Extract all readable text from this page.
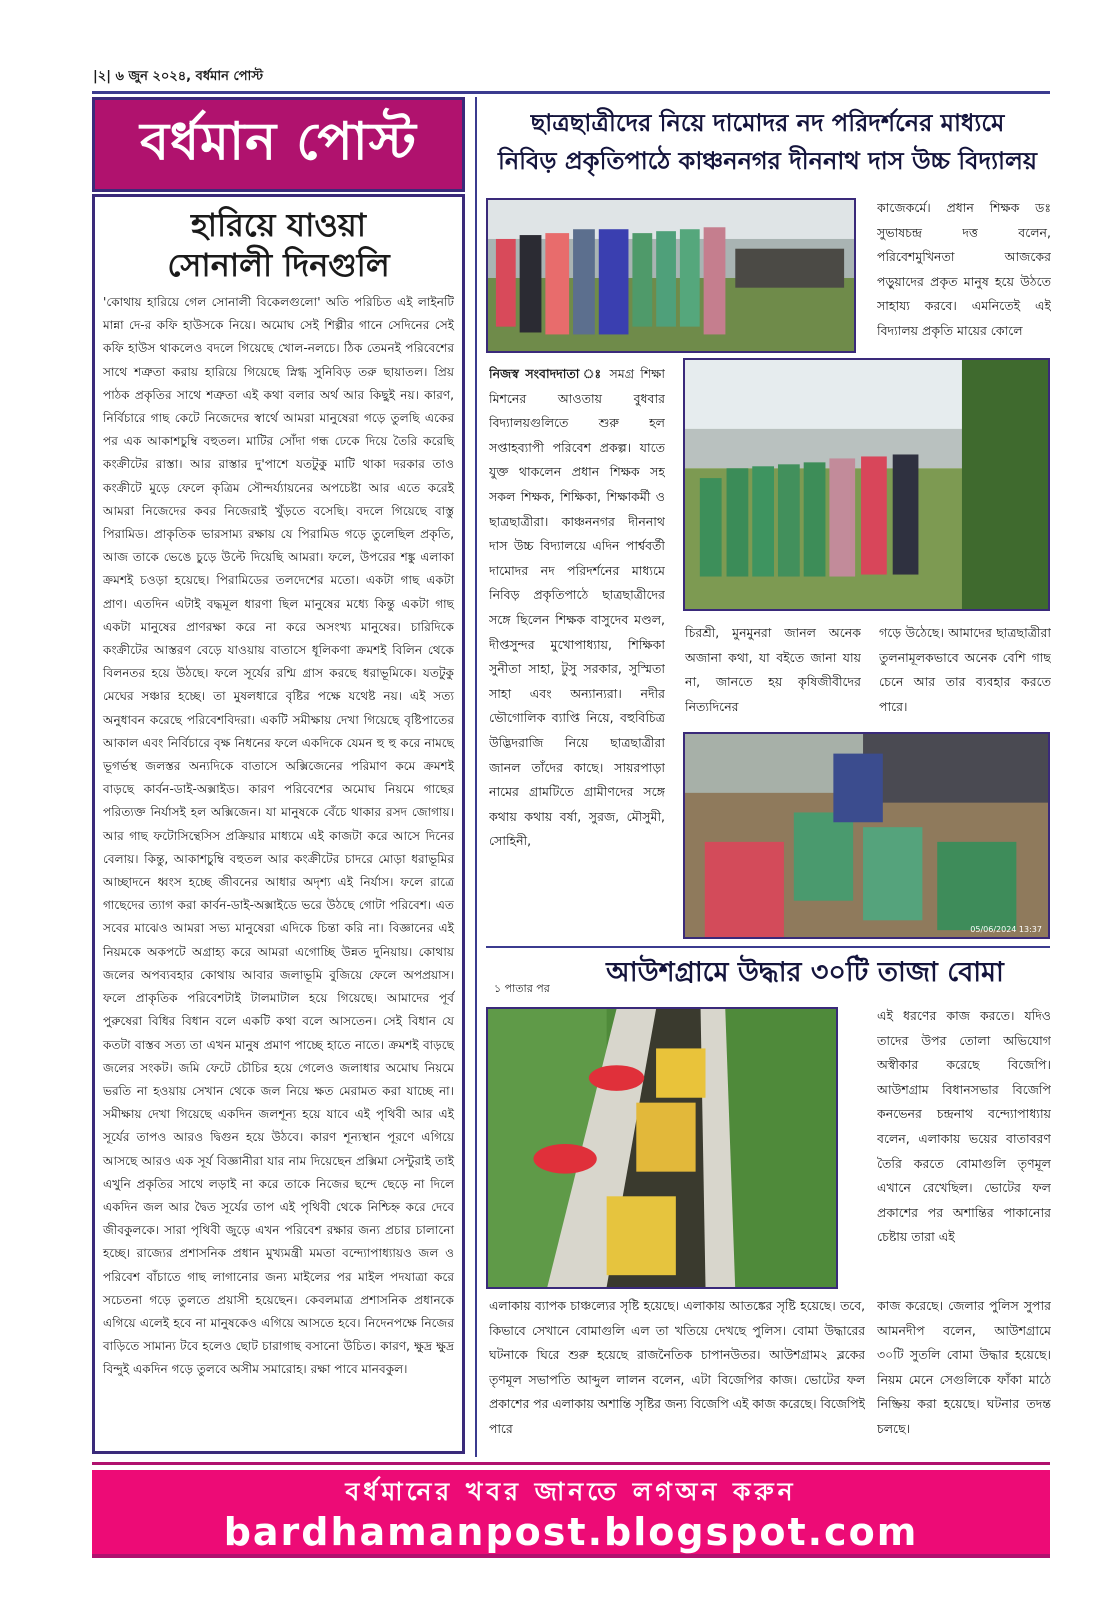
|২| ৬ জুন ২০২৪, বর্ধমান পোস্ট
বর্ধমান পোস্ট
হারিয়ে যাওয়া
সোনালী দিনগুলি
'কোথায় হারিয়ে গেল সোনালী বিকেলগুলো' অতি পরিচিত এই লাইনটি মান্না দে-র কফি হাউসকে নিয়ে। অমোঘ সেই শিল্পীর গানে সেদিনের সেই কফি হাউস থাকলেও বদলে গিয়েছে খোল-নলচে। ঠিক তেমনই পরিবেশের সাথে শত্রুতা করায় হারিয়ে গিয়েছে স্নিগ্ধ সুনিবিড় তরু ছায়াতল। প্রিয় পাঠক প্রকৃতির সাথে শত্রুতা এই কথা বলার অর্থ আর কিছুই নয়। কারণ, নির্বিচারে গাছ কেটে নিজেদের স্বার্থে আমরা মানুষেরা গড়ে তুলছি একের পর এক আকাশচুম্বি বহুতল। মাটির সোঁদা গন্ধ ঢেকে দিয়ে তৈরি করেছি কংক্রীটের রাস্তা। আর রাস্তার দু'পাশে যতটুকু মাটি থাকা দরকার তাও কংক্রীটে মুড়ে ফেলে কৃত্রিম সৌন্দর্য্যায়নের অপচেষ্টা আর এতে করেই আমরা নিজেদের কবর নিজেরাই খুঁড়তে বসেছি। বদলে গিয়েছে বাস্তু পিরামিড। প্রাকৃতিক ভারসাম্য রক্ষায় যে পিরামিড গড়ে তুলেছিল প্রকৃতি, আজ তাকে ভেঙে চুড়ে উল্টে দিয়েছি আমরা। ফলে, উপরের শঙ্কু এলাকা ক্রমশই চওড়া হয়েছে। পিরামিডের তলদেশের মতো। একটা গাছ একটা প্রাণ। এতদিন এটাই বদ্ধমূল ধারণা ছিল মানুষের মধ্যে কিন্তু একটা গাছ একটা মানুষের প্রাণরক্ষা করে না করে অসংখ্য মানুষের। চারিদিকে কংক্রীটের আস্তরণ বেড়ে যাওয়ায় বাতাসে ধূলিকণা ক্রমশই বিলিন থেকে বিলনতর হয়ে উঠছে। ফলে সূর্যের রশ্মি গ্রাস করছে ধরাভূমিকে। যতটুকু মেঘের সঞ্চার হচ্ছে। তা মুষলধারে বৃষ্টির পক্ষে যথেষ্ট নয়। এই সত্য অনুধাবন করেছে পরিবেশবিদরা। একটি সমীক্ষায় দেখা গিয়েছে বৃষ্টিপাতের আকাল এবং নির্বিচারে বৃক্ষ নিধনের ফলে একদিকে যেমন হু হু করে নামছে ভূগর্ভস্থ জলস্তর অন্যদিকে বাতাসে অক্সিজেনের পরিমাণ কমে ক্রমশই বাড়ছে কার্বন-ডাই-অক্সাইড। কারণ পরিবেশের অমোঘ নিয়মে গাছের পরিত্যক্ত নির্যাসই হল অক্সিজেন। যা মানুষকে বেঁচে থাকার রসদ জোগায়। আর গাছ ফটোসিন্থেসিস প্রক্রিয়ার মাধ্যমে এই কাজটা করে আসে দিনের বেলায়। কিন্তু, আকাশচুম্বি বহুতল আর কংক্রীটের চাদরে মোড়া ধরাভূমির আচ্ছাদনে ধ্বংস হচ্ছে জীবনের আধার অদৃশ্য এই নির্যাস। ফলে রাত্রে গাছেদের ত্যাগ করা কার্বন-ডাই-অক্সাইডে ভরে উঠছে গোটা পরিবেশ। এত সবের মাঝেও আমরা সভ্য মানুষেরা এদিকে চিন্তা করি না। বিজ্ঞানের এই নিয়মকে অকপটে অগ্রাহ্য করে আমরা এগোচ্ছি উন্নত দুনিয়ায়। কোথায় জলের অপব্যবহার কোথায় আবার জলাভূমি বুজিয়ে ফেলে অপপ্রয়াস। ফলে প্রাকৃতিক পরিবেশটাই টালমাটাল হয়ে গিয়েছে। আমাদের পূর্ব পুরুষেরা বিধির বিধান বলে একটি কথা বলে আসতেন। সেই বিধান যে কতটা বাস্তব সত্য তা এখন মানুষ প্রমাণ পাচ্ছে হাতে নাতে। ক্রমশই বাড়ছে জলের সংকট। জমি ফেটে চৌচির হয়ে গেলেও জলাধার অমোঘ নিয়মে ভরতি না হওয়ায় সেখান থেকে জল নিয়ে ক্ষত মেরামত করা যাচ্ছে না। সমীক্ষায় দেখা গিয়েছে একদিন জলশূন্য হয়ে যাবে এই পৃথিবী আর এই সূর্যের তাপও আরও দ্বিগুন হয়ে উঠবে। কারণ শূন্যস্থান পূরণে এগিয়ে আসছে আরও এক সূর্য বিজ্ঞানীরা যার নাম দিয়েছেন প্রক্সিমা সেন্টুরাই তাই এখুনি প্রকৃতির সাথে লড়াই না করে তাকে নিজের ছন্দে ছেড়ে না দিলে একদিন জল আর দ্বৈত সূর্যের তাপ এই পৃথিবী থেকে নিশ্চিহ্ন করে দেবে জীবকুলকে। সারা পৃথিবী জুড়ে এখন পরিবেশ রক্ষার জন্য প্রচার চালানো হচ্ছে। রাজ্যের প্রশাসনিক প্রধান মুখ্যমন্ত্রী মমতা বন্দ্যোপাধ্যায়ও জল ও পরিবেশ বাঁচাতে গাছ লাগানোর জন্য মাইলের পর মাইল পদযাত্রা করে সচেতনা গড়ে তুলতে প্রয়াসী হয়েছেন। কেবলমাত্র প্রশাসনিক প্রধানকে এগিয়ে এলেই হবে না মানুষকেও এগিয়ে আসতে হবে। নিদেনপক্ষে নিজের বাড়িতে সামান্য টবে হলেও ছোট চারাগাছ বসানো উচিত। কারণ, ক্ষুদ্র ক্ষুদ্র বিন্দুই একদিন গড়ে তুলবে অসীম সমারোহ। রক্ষা পাবে মানবকুল।
ছাত্রছাত্রীদের নিয়ে দামোদর নদ পরিদর্শনের মাধ্যমে
নিবিড় প্রকৃতিপাঠে কাঞ্চননগর দীননাথ দাস উচ্চ বিদ্যালয়
কাজেকর্মে। প্রধান শিক্ষক ডঃ সুভাষচন্দ্র দত্ত বলেন, পরিবেশমুখিনতা আজকের পড়ুয়াদের প্রকৃত মানুষ হয়ে উঠতে সাহায্য করবে। এমনিতেই এই বিদ্যালয় প্রকৃতি মায়ের কোলে
নিজস্ব সংবাদদাতা ঃ সমগ্র শিক্ষা মিশনের আওতায় বুধবার বিদ্যালয়গুলিতে শুরু হল সপ্তাহব্যাপী পরিবেশ প্রকল্প। যাতে যুক্ত থাকলেন প্রধান শিক্ষক সহ সকল শিক্ষক, শিক্ষিকা, শিক্ষাকর্মী ও ছাত্রছাত্রীরা। কাঞ্চননগর দীননাথ দাস উচ্চ বিদ্যালয়ে এদিন পার্শ্ববর্তী দামোদর নদ পরিদর্শনের মাধ্যমে নিবিড় প্রকৃতিপাঠে ছাত্রছাত্রীদের সঙ্গে ছিলেন শিক্ষক বাসুদেব মণ্ডল, দীপ্তসুন্দর মুখোপাধ্যায়, শিক্ষিকা সুনীতা সাহা, টুসু সরকার, সুস্মিতা সাহা এবং অন্যান্যরা। নদীর ভৌগোলিক ব্যাপ্তি নিয়ে, বহুবিচিত্র উদ্ভিদরাজি নিয়ে ছাত্রছাত্রীরা জানল তাঁদের কাছে। সায়রপাড়া নামের গ্রামটিতে গ্রামীণদের সঙ্গে কথায় কথায় বর্ষা, সুরজ, মৌসুমী, সোহিনী,
চিরশ্রী, মুনমুনরা জানল অনেক অজানা কথা, যা বইতে জানা যায় না, জানতে হয় কৃষিজীবীদের নিত্যদিনের
গড়ে উঠেছে। আমাদের ছাত্রছাত্রীরা তুলনামূলকভাবে অনেক বেশি গাছ চেনে আর তার ব্যবহার করতে পারে।
05/06/2024 13:37
আউশগ্রামে উদ্ধার ৩০টি তাজা বোমা
১ পাতার পর
এই ধরণের কাজ করতে। যদিও তাদের উপর তোলা অভিযোগ অস্বীকার করেছে বিজেপি। আউশগ্রাম বিধানসভার বিজেপি কনভেনর চন্দ্রনাথ বন্দ্যোপাধ্যায় বলেন, এলাকায় ভয়ের বাতাবরণ তৈরি করতে বোমাগুলি তৃণমূল এখানে রেখেছিল। ভোটের ফল প্রকাশের পর অশান্তির পাকানোর চেষ্টায় তারা এই
এলাকায় ব্যাপক চাঞ্চল্যের সৃষ্টি হয়েছে। এলাকায় আতঙ্কের সৃষ্টি হয়েছে। তবে, কিভাবে সেখানে বোমাগুলি এল তা খতিয়ে দেখছে পুলিস। বোমা উদ্ধারের ঘটনাকে ঘিরে শুরু হয়েছে রাজনৈতিক চাপানউতর। আউশগ্রাম২ ব্লকের তৃণমূল সভাপতি আব্দুল লালন বলেন, এটা বিজেপির কাজ। ভোটের ফল প্রকাশের পর এলাকায় অশান্তি সৃষ্টির জন্য বিজেপি এই কাজ করেছে। বিজেপিই পারে
কাজ করেছে। জেলার পুলিস সুপার আমনদীপ বলেন, আউশগ্রামে ৩০টি সুতলি বোমা উদ্ধার হয়েছে। নিয়ম মেনে সেগুলিকে ফাঁকা মাঠে নিষ্ক্রিয় করা হয়েছে। ঘটনার তদন্ত চলছে।
বর্ধমানের খবর জানতে লগঅন করুন
bardhamanpost.blogspot.com
